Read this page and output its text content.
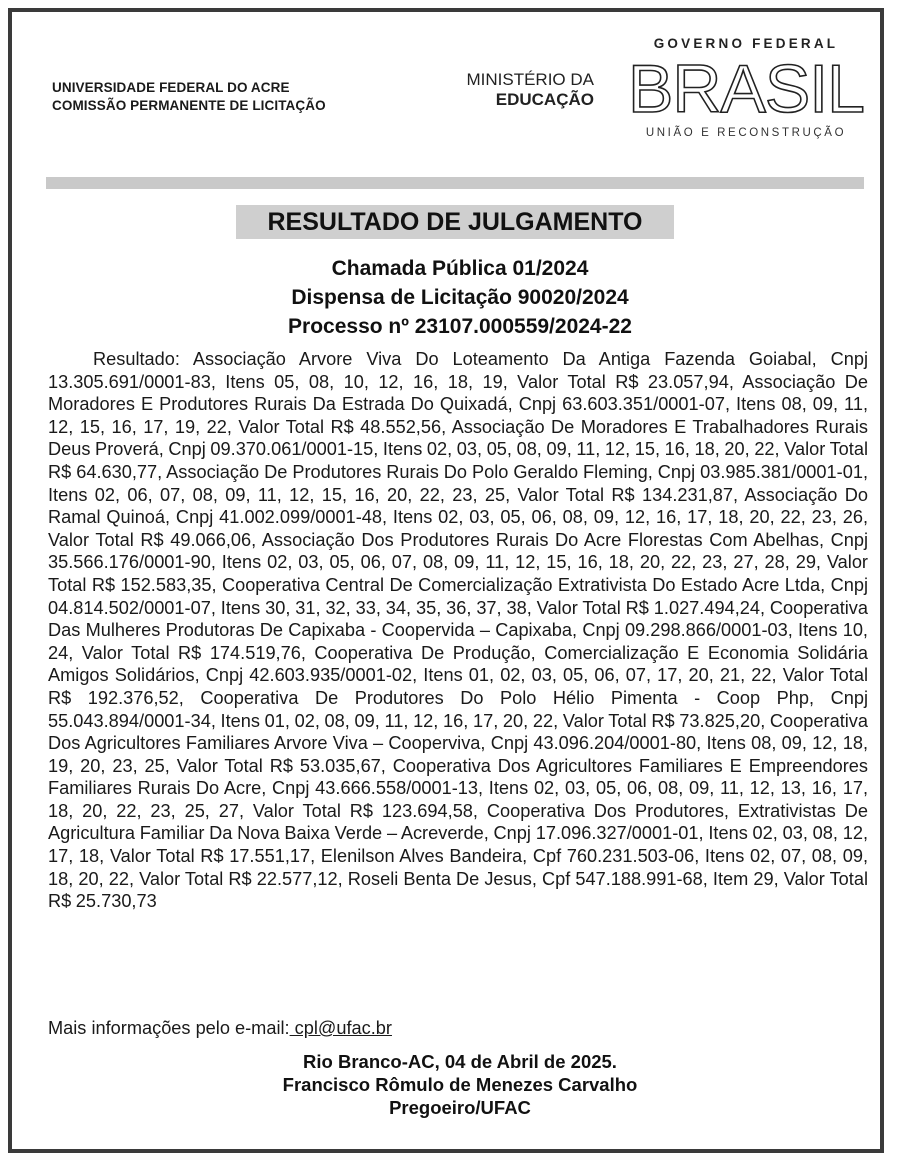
UNIVERSIDADE FEDERAL DO ACRE
COMISSÃO PERMANENTE DE LICITAÇÃO
MINISTÉRIO DA
EDUCAÇÃO
GOVERNO FEDERAL
BRASIL
UNIÃO E RECONSTRUÇÃO
RESULTADO DE JULGAMENTO
Chamada Pública 01/2024
Dispensa de Licitação 90020/2024
Processo nº 23107.000559/2024-22
Resultado: Associação Arvore Viva Do Loteamento Da Antiga Fazenda Goiabal, Cnpj 13.305.691/0001-83, Itens 05, 08, 10, 12, 16, 18, 19, Valor Total R$ 23.057,94, Associação De Moradores E Produtores Rurais Da Estrada Do Quixadá, Cnpj 63.603.351/0001-07, Itens 08, 09, 11, 12, 15, 16, 17, 19, 22, Valor Total R$ 48.552,56, Associação De Moradores E Trabalhadores Rurais Deus Proverá, Cnpj 09.370.061/0001-15, Itens 02, 03, 05, 08, 09, 11, 12, 15, 16, 18, 20, 22, Valor Total R$ 64.630,77, Associação De Produtores Rurais Do Polo Geraldo Fleming, Cnpj 03.985.381/0001-01, Itens 02, 06, 07, 08, 09, 11, 12, 15, 16, 20, 22, 23, 25, Valor Total R$ 134.231,87, Associação Do Ramal Quinoá, Cnpj 41.002.099/0001-48, Itens 02, 03, 05, 06, 08, 09, 12, 16, 17, 18, 20, 22, 23, 26, Valor Total R$ 49.066,06, Associação Dos Produtores Rurais Do Acre Florestas Com Abelhas, Cnpj 35.566.176/0001-90, Itens 02, 03, 05, 06, 07, 08, 09, 11, 12, 15, 16, 18, 20, 22, 23, 27, 28, 29, Valor Total R$ 152.583,35, Cooperativa Central De Comercialização Extrativista Do Estado Acre Ltda, Cnpj 04.814.502/0001-07, Itens 30, 31, 32, 33, 34, 35, 36, 37, 38, Valor Total R$ 1.027.494,24, Cooperativa Das Mulheres Produtoras De Capixaba - Coopervida – Capixaba, Cnpj 09.298.866/0001-03, Itens 10, 24, Valor Total R$ 174.519,76, Cooperativa De Produção, Comercialização E Economia Solidária Amigos Solidários, Cnpj 42.603.935/0001-02, Itens 01, 02, 03, 05, 06, 07, 17, 20, 21, 22, Valor Total R$ 192.376,52, Cooperativa De Produtores Do Polo Hélio Pimenta - Coop Php, Cnpj 55.043.894/0001-34, Itens 01, 02, 08, 09, 11, 12, 16, 17, 20, 22, Valor Total R$ 73.825,20, Cooperativa Dos Agricultores Familiares Arvore Viva – Cooperviva, Cnpj 43.096.204/0001-80, Itens 08, 09, 12, 18, 19, 20, 23, 25, Valor Total R$ 53.035,67, Cooperativa Dos Agricultores Familiares E Empreendores Familiares Rurais Do Acre, Cnpj 43.666.558/0001-13, Itens 02, 03, 05, 06, 08, 09, 11, 12, 13, 16, 17, 18, 20, 22, 23, 25, 27, Valor Total R$ 123.694,58, Cooperativa Dos Produtores, Extrativistas De Agricultura Familiar Da Nova Baixa Verde – Acreverde, Cnpj 17.096.327/0001-01, Itens 02, 03, 08, 12, 17, 18, Valor Total R$ 17.551,17, Elenilson Alves Bandeira, Cpf 760.231.503-06, Itens 02, 07, 08, 09, 18, 20, 22, Valor Total R$ 22.577,12, Roseli Benta De Jesus, Cpf 547.188.991-68, Item 29, Valor Total R$ 25.730,73
Mais informações pelo e-mail: cpl@ufac.br
Rio Branco-AC, 04 de Abril de 2025.
Francisco Rômulo de Menezes Carvalho
Pregoeiro/UFAC
